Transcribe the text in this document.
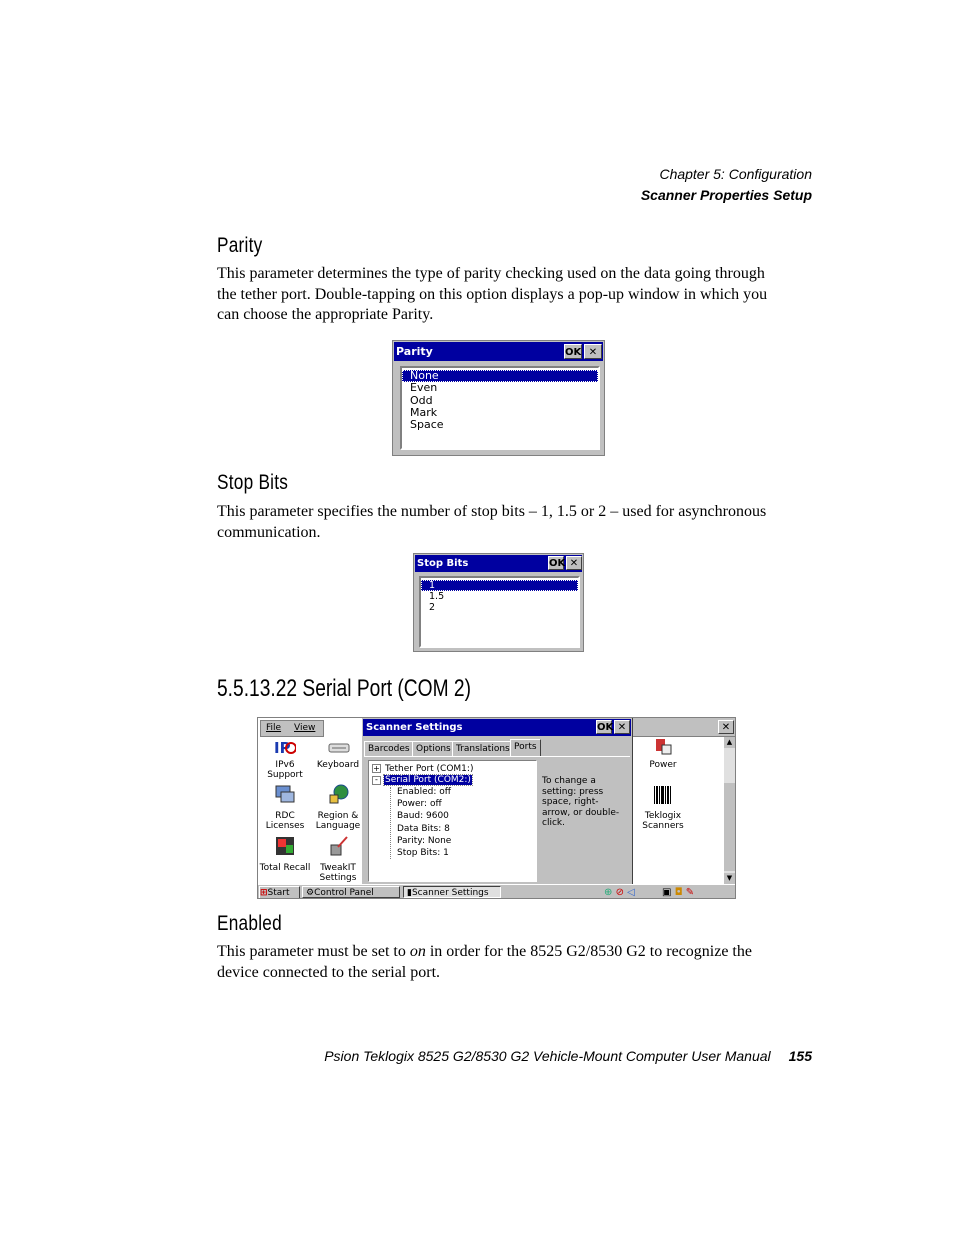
Chapter 5: Configuration
Scanner Properties Setup
Parity
This parameter determines the type of parity checking used on the data going through the tether port. Double-tapping on this option displays a pop-up window in which you can choose the appropriate Parity.
Parity	OK ✕
None
Even
Odd
Mark
Space
Stop Bits
This parameter specifies the number of stop bits – 1, 1.5 or 2 – used for asynchronous communication.
Stop Bits	OK ✕
1
1.5
2
5.5.13.22 Serial Port (COM 2)
File View
IP
IPv6 Support
Keyboard
RDC Licenses
Region & Language
Total Recall	TweakIT Settings
Scanner Settings	OK ✕
Barcodes Options Translations Ports
+ Tether Port (COM1:)
- Serial Port (COM2:)
Enabled: off
Power: off
Baud: 9600
Data Bits: 8
Parity: None
Stop Bits: 1
To change a setting: press space, right-arrow, or double-click.
✕
▲
▼
Power
Teklogix Scanners
⊞Start	⚙Control Panel	▮Scanner Settings	⊕ ⊘ ◁	▣ ◘ ✎
Enabled
This parameter must be set to on in order for the 8525 G2/8530 G2 to recognize the device connected to the serial port.
Psion Teklogix 8525 G2/8530 G2 Vehicle-Mount Computer User Manual 155
